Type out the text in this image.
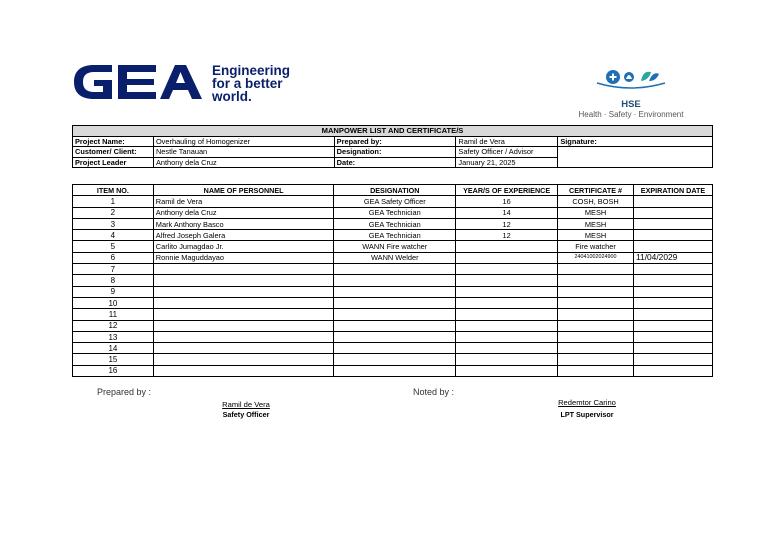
Engineering
for a better
world.
HSE
Health · Safety · Environment
MANPOWER LIST AND CERTIFICATE/S				
Project Name:	Overhauling of Homogenizer	Prepared by:	Ramil de Vera	Signature:
Customer/ Client:	Nestle Tanauan	Designation:	Safety Officer / Advisor	
Project Leader	Anthony dela Cruz	Date:	January 21, 2025	
ITEM NO.	NAME OF PERSONNEL	DESIGNATION	YEAR/S OF EXPERIENCE	CERTIFICATE #	EXPIRATION DATE
1	Ramil de Vera	GEA Safety Officer	16	COSH, BOSH	
2	Anthony dela Cruz	GEA Technician	14	MESH	
3	Mark Anthony Basco	GEA Technician	12	MESH	
4	Alfred Joseph Galera	GEA Technician	12	MESH	
5	Carlito Jumagdao Jr.	WANN Fire watcher		Fire watcher	
6	Ronnie Maguddayao	WANN Welder		24041002024900	11/04/2029
7					
8					
9					
10					
11					
12					
13					
14					
15					
16					
Prepared by :
Ramil de Vera
Safety Officer
Noted by :
Redemtor Carino
LPT Supervisor
